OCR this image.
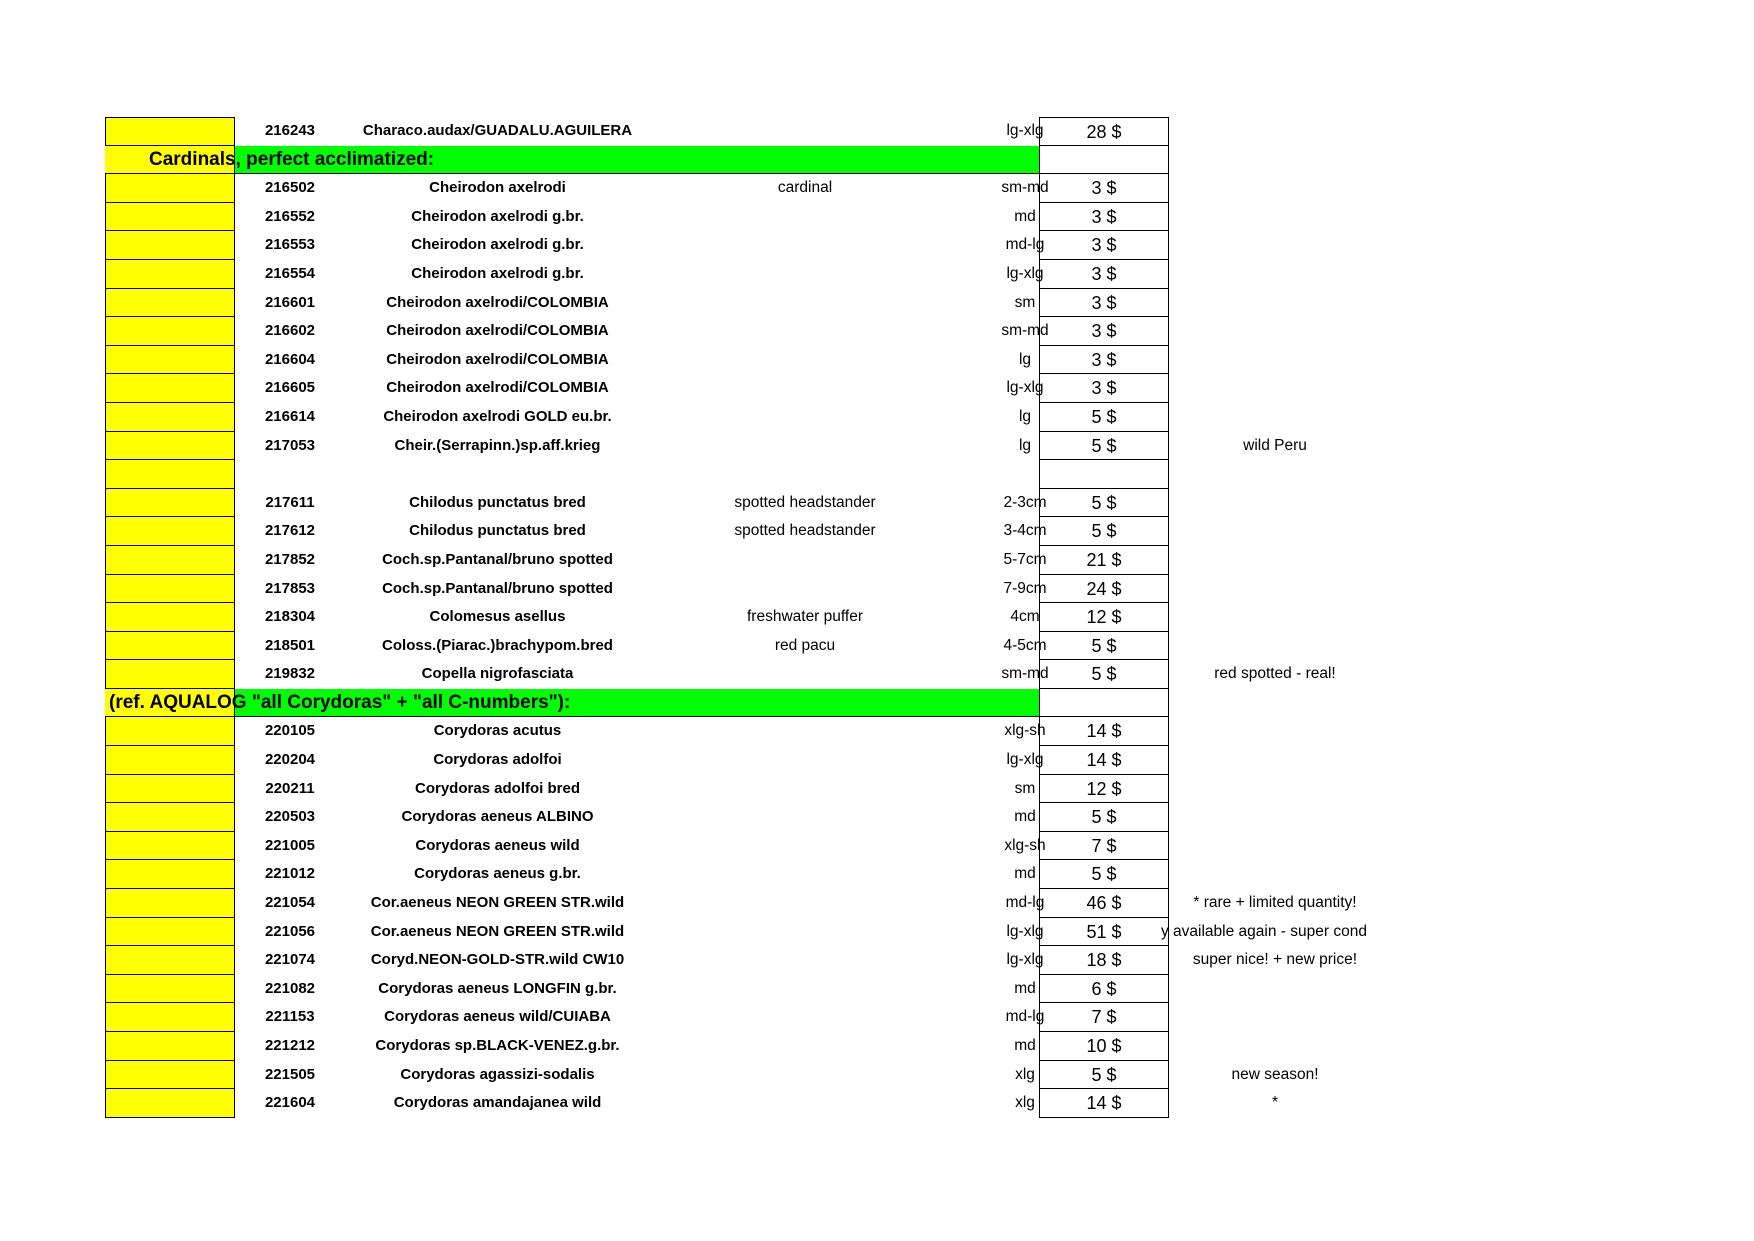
216243	Characo.audax/GUADALU.AGUILERA	lg-xlg	28 $
Cardinals, perfect acclimatized:
216502	Cheirodon axelrodi	cardinal	sm-md	3 $
216552	Cheirodon axelrodi g.br.	md	3 $
216553	Cheirodon axelrodi g.br.	md-lg	3 $
216554	Cheirodon axelrodi g.br.	lg-xlg	3 $
216601	Cheirodon axelrodi/COLOMBIA	sm	3 $
216602	Cheirodon axelrodi/COLOMBIA	sm-md	3 $
216604	Cheirodon axelrodi/COLOMBIA	lg	3 $
216605	Cheirodon axelrodi/COLOMBIA	lg-xlg	3 $
216614	Cheirodon axelrodi GOLD eu.br.	lg	5 $
217053	Cheir.(Serrapinn.)sp.aff.krieg	lg	5 $	wild Peru
217611	Chilodus punctatus bred	spotted headstander	2-3cm	5 $
217612	Chilodus punctatus bred	spotted headstander	3-4cm	5 $
217852	Coch.sp.Pantanal/bruno spotted	5-7cm	21 $
217853	Coch.sp.Pantanal/bruno spotted	7-9cm	24 $
218304	Colomesus asellus	freshwater puffer	4cm	12 $
218501	Coloss.(Piarac.)brachypom.bred	red pacu	4-5cm	5 $
219832	Copella nigrofasciata	sm-md	5 $	red spotted - real!
(ref. AQUALOG "all Corydoras" + "all C-numbers"):
220105	Corydoras acutus	xlg-sh	14 $
220204	Corydoras adolfoi	lg-xlg	14 $
220211	Corydoras adolfoi bred	sm	12 $
220503	Corydoras aeneus ALBINO	md	5 $
221005	Corydoras aeneus wild	xlg-sh	7 $
221012	Corydoras aeneus g.br.	md	5 $
221054	Cor.aeneus NEON GREEN STR.wild	md-lg	46 $	* rare + limited quantity!
221056	Cor.aeneus NEON GREEN STR.wild	lg-xlg	51 $	y available again - super cond
221074	Coryd.NEON-GOLD-STR.wild CW10	lg-xlg	18 $	super nice! + new price!
221082	Corydoras aeneus LONGFIN g.br.	md	6 $
221153	Corydoras aeneus wild/CUIABA	md-lg	7 $
221212	Corydoras sp.BLACK-VENEZ.g.br.	md	10 $
221505	Corydoras agassizi-sodalis	xlg	5 $	new season!
221604	Corydoras amandajanea wild	xlg	14 $	*
